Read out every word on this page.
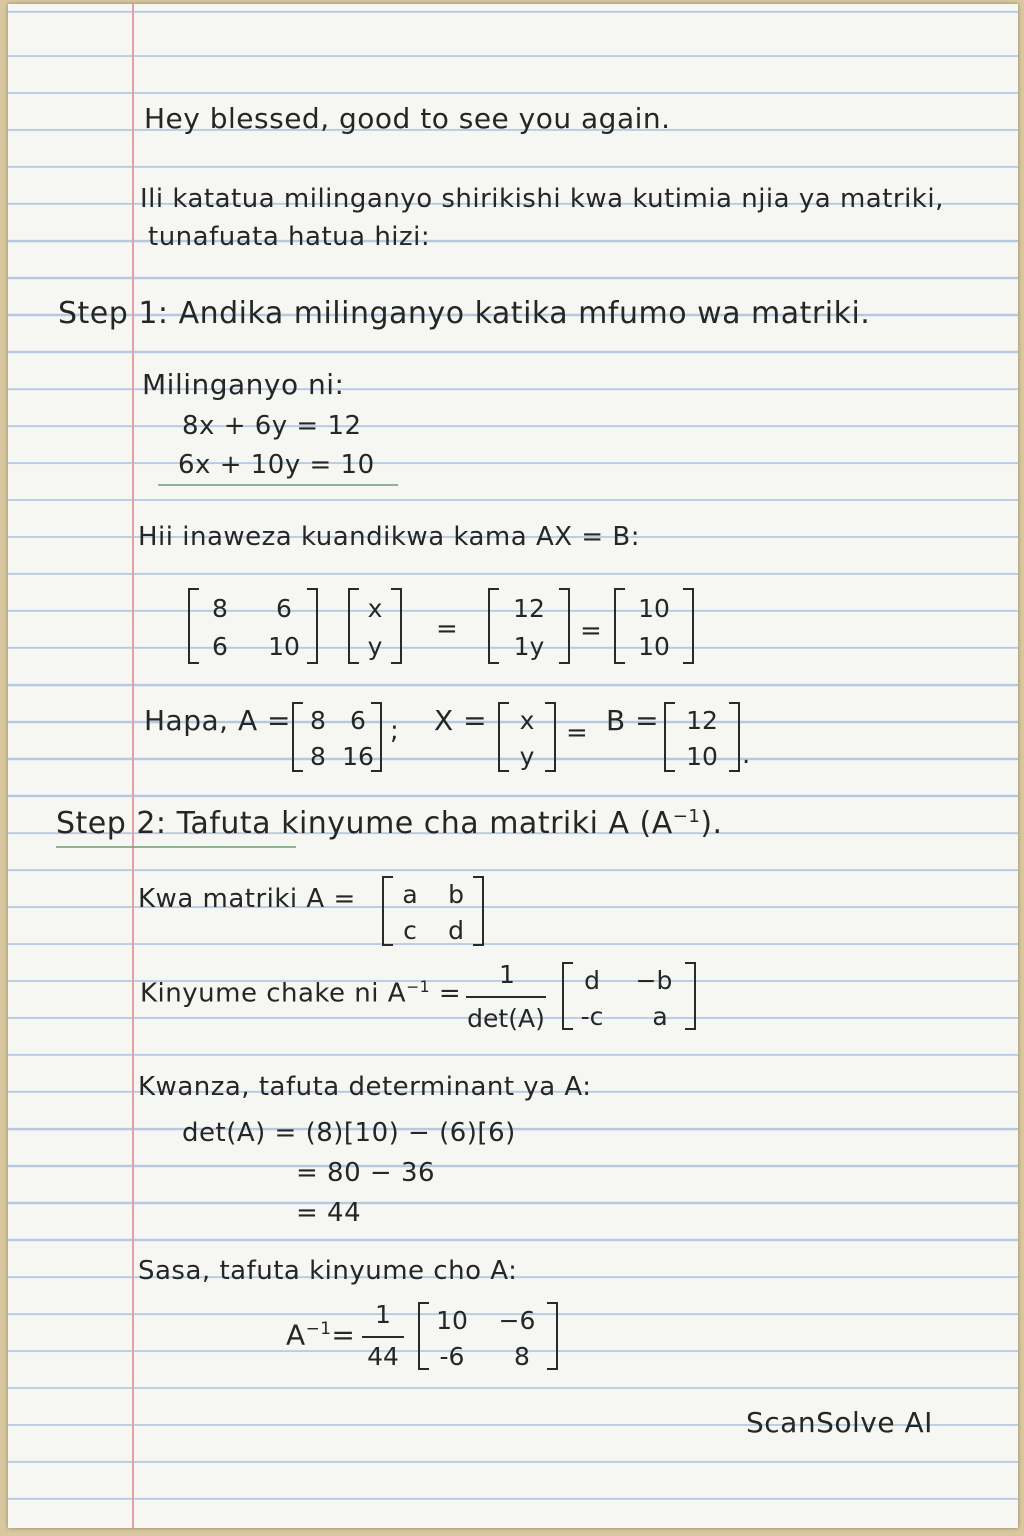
Hey blessed, good to see you again.
Ili katatua milinganyo shirikishi kwa kutimia njia ya matriki,
tunafuata hatua hizi:
Step 1: Andika milinganyo katika mfumo wa matriki.
Milinganyo ni:
8x + 6y = 12
6x + 10y = 10
Hii inaweza kuandikwa kama AX = B:
8	6
6	10
x
y
=
12
1y
=
10
10
Hapa, A = 8 6
8 16
; X =	x
y
= B =	12
10 .
Step 2: Tafuta kinyume cha matriki A $(A^{-1})$.
Kwa matriki A =	a	b
c	d
Kinyume chake ni $A^{-1}$ =
1
det(A)
d	−b
-c	a
Kwanza, tafuta determinant ya A:
det(A) = (8)[10) − (6)[6)
= 80 − 36
= 44
Sasa, tafuta kinyume cho A:
$A^{-1}=$
1
44
10 −6
-6	8
ScanSolve AI
